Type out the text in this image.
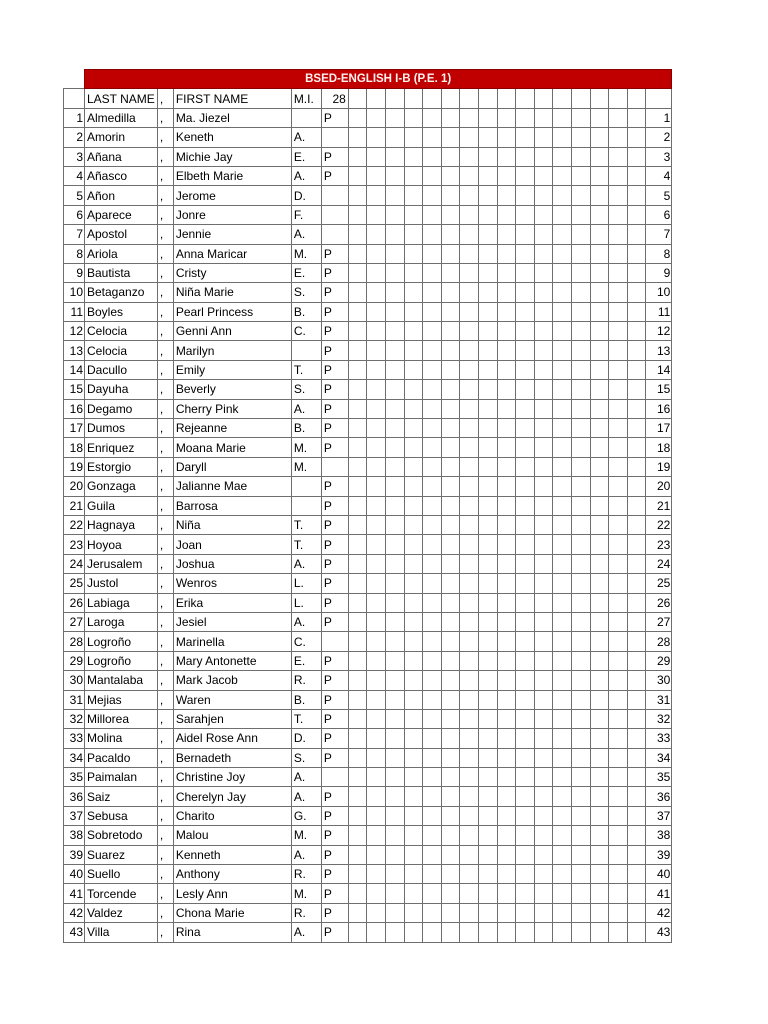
	BSED-ENGLISH I-B (P.E. 1)																					
	LAST NAME	,	FIRST NAME	M.I.	28																	
1	Almedilla	,	Ma. Jiezel		P																	1
2	Amorin	,	Keneth	A.																		2
3	Añana	,	Michie Jay	E.	P																	3
4	Añasco	,	Elbeth Marie	A.	P																	4
5	Añon	,	Jerome	D.																		5
6	Aparece	,	Jonre	F.																		6
7	Apostol	,	Jennie	A.																		7
8	Ariola	,	Anna Maricar	M.	P																	8
9	Bautista	,	Cristy	E.	P																	9
10	Betaganzo	,	Niña Marie	S.	P																	10
11	Boyles	,	Pearl Princess	B.	P																	11
12	Celocia	,	Genni Ann	C.	P																	12
13	Celocia	,	Marilyn		P																	13
14	Dacullo	,	Emily	T.	P																	14
15	Dayuha	,	Beverly	S.	P																	15
16	Degamo	,	Cherry Pink	A.	P																	16
17	Dumos	,	Rejeanne	B.	P																	17
18	Enriquez	,	Moana Marie	M.	P																	18
19	Estorgio	,	Daryll	M.																		19
20	Gonzaga	,	Jalianne Mae		P																	20
21	Guila	,	Barrosa		P																	21
22	Hagnaya	,	Niña	T.	P																	22
23	Hoyoa	,	Joan	T.	P																	23
24	Jerusalem	,	Joshua	A.	P																	24
25	Justol	,	Wenros	L.	P																	25
26	Labiaga	,	Erika	L.	P																	26
27	Laroga	,	Jesiel	A.	P																	27
28	Logroño	,	Marinella	C.																		28
29	Logroño	,	Mary Antonette	E.	P																	29
30	Mantalaba	,	Mark Jacob	R.	P																	30
31	Mejias	,	Waren	B.	P																	31
32	Millorea	,	Sarahjen	T.	P																	32
33	Molina	,	Aidel Rose Ann	D.	P																	33
34	Pacaldo	,	Bernadeth	S.	P																	34
35	Paimalan	,	Christine Joy	A.																		35
36	Saiz	,	Cherelyn Jay	A.	P																	36
37	Sebusa	,	Charito	G.	P																	37
38	Sobretodo	,	Malou	M.	P																	38
39	Suarez	,	Kenneth	A.	P																	39
40	Suello	,	Anthony	R.	P																	40
41	Torcende	,	Lesly Ann	M.	P																	41
42	Valdez	,	Chona Marie	R.	P																	42
43	Villa	,	Rina	A.	P																	43
